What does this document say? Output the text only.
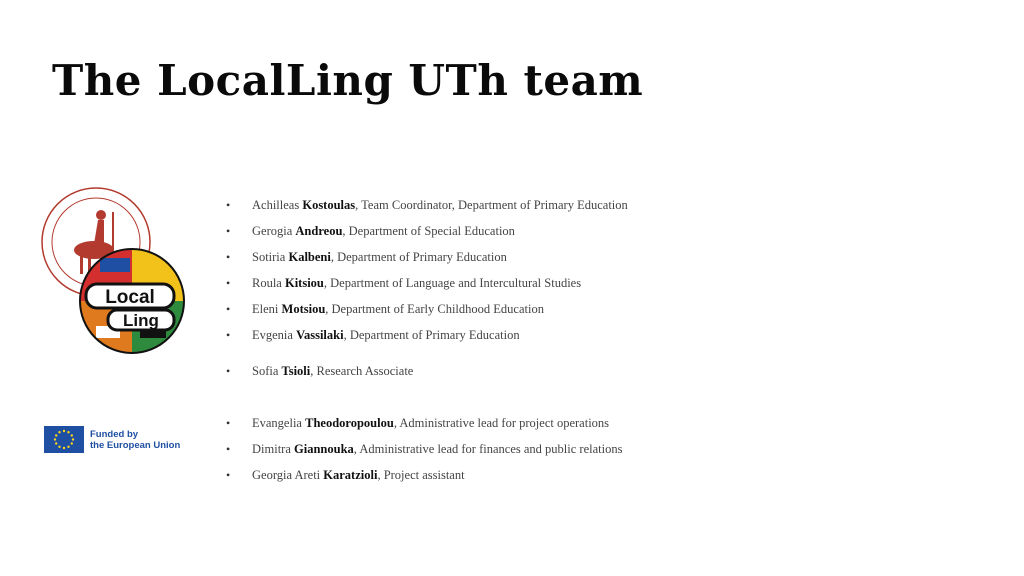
The LocalLing UTh team
Local
Ling
Funded by
the European Union
• Achilleas Kostoulas, Team Coordinator, Department of Primary Education
• Gerogia Andreou, Department of Special Education
• Sotiria Kalbeni, Department of Primary Education
• Roula Kitsiou, Department of Language and Intercultural Studies
• Eleni Motsiou, Department of Early Childhood Education
• Evgenia Vassilaki, Department of Primary Education
• Sofia Tsioli, Research Associate
• Evangelia Theodoropoulou, Administrative lead for project operations
• Dimitra Giannouka, Administrative lead for finances and public relations
• Georgia Areti Karatzioli, Project assistant
